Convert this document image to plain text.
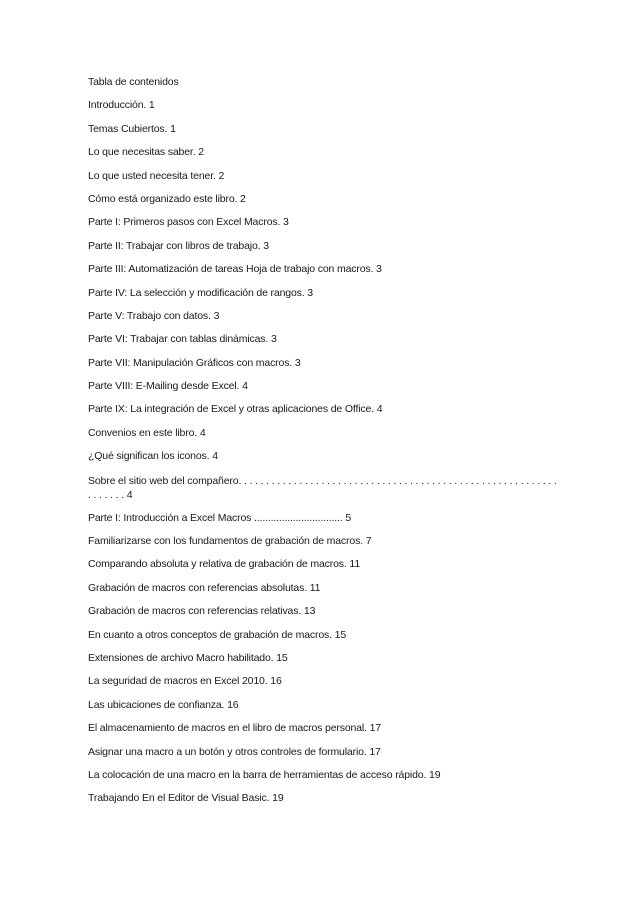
Tabla de contenidos
Introducción. 1
Temas Cubiertos. 1
Lo que necesitas saber. 2
Lo que usted necesita tener. 2
Cómo está organizado este libro. 2
Parte I: Primeros pasos con Excel Macros. 3
Parte II: Trabajar con libros de trabajo. 3
Parte III: Automatización de tareas Hoja de trabajo con macros. 3
Parte IV: La selección y modificación de rangos. 3
Parte V: Trabajo con datos. 3
Parte VI: Trabajar con tablas dinámicas. 3
Parte VII: Manipulación Gráficos con macros. 3
Parte VIII: E-Mailing desde Excel. 4
Parte IX: La integración de Excel y otras aplicaciones de Office. 4
Convenios en este libro. 4
¿Qué significan los iconos. 4
Sobre el sitio web del compañero. . . . . . . . . . . . . . . . . . . . . . . . . . . . . . . . . . . . . . . . . . . . . . . . . . . . . . . . . . . . . . . . . 4
Parte I: Introducción a Excel Macros ................................ 5
Familiarizarse con los fundamentos de grabación de macros. 7
Comparando absoluta y relativa de grabación de macros. 11
Grabación de macros con referencias absolutas. 11
Grabación de macros con referencias relativas. 13
En cuanto a otros conceptos de grabación de macros. 15
Extensiones de archivo Macro habilitado. 15
La seguridad de macros en Excel 2010. 16
Las ubicaciones de confianza. 16
El almacenamiento de macros en el libro de macros personal. 17
Asignar una macro a un botón y otros controles de formulario. 17
La colocación de una macro en la barra de herramientas de acceso rápido. 19
Trabajando En el Editor de Visual Basic. 19
